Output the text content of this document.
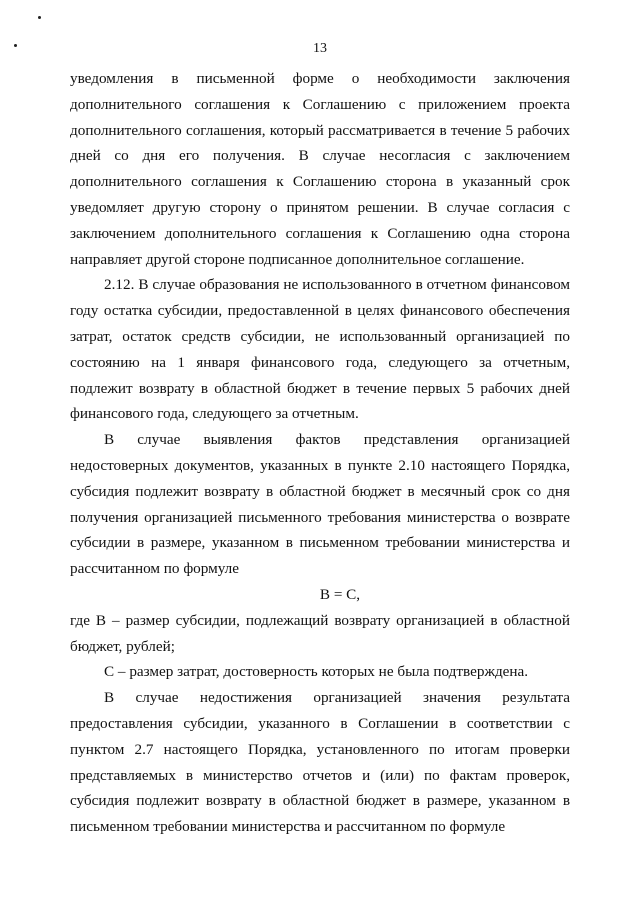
13

уведомления в письменной форме о необходимости заключения дополнительного соглашения к Соглашению с приложением проекта дополнительного соглашения, который рассматривается в течение 5 рабочих дней со дня его получения. В случае несогласия с заключением дополнительного соглашения к Соглашению сторона в указанный срок уведомляет другую сторону о принятом решении. В случае согласия с заключением дополнительного соглашения к Соглашению одна сторона направляет другой стороне подписанное дополнительное соглашение.

2.12. В случае образования не использованного в отчетном финансовом году остатка субсидии, предоставленной в целях финансового обеспечения затрат, остаток средств субсидии, не использованный организацией по состоянию на 1 января финансового года, следующего за отчетным, подлежит возврату в областной бюджет в течение первых 5 рабочих дней финансового года, следующего за отчетным.

В случае выявления фактов представления организацией недостоверных документов, указанных в пункте 2.10 настоящего Порядка, субсидия подлежит возврату в областной бюджет в месячный срок со дня получения организацией письменного требования министерства о возврате субсидии в размере, указанном в письменном требовании министерства и рассчитанном по формуле

B = C,

где B – размер субсидии, подлежащий возврату организацией в областной бюджет, рублей;

C – размер затрат, достоверность которых не была подтверждена.

В случае недостижения организацией значения результата предоставления субсидии, указанного в Соглашении в соответствии с пунктом 2.7 настоящего Порядка, установленного по итогам проверки представляемых в министерство отчетов и (или) по фактам проверок, субсидия подлежит возврату в областной бюджет в размере, указанном в письменном требовании министерства и рассчитанном по формуле
